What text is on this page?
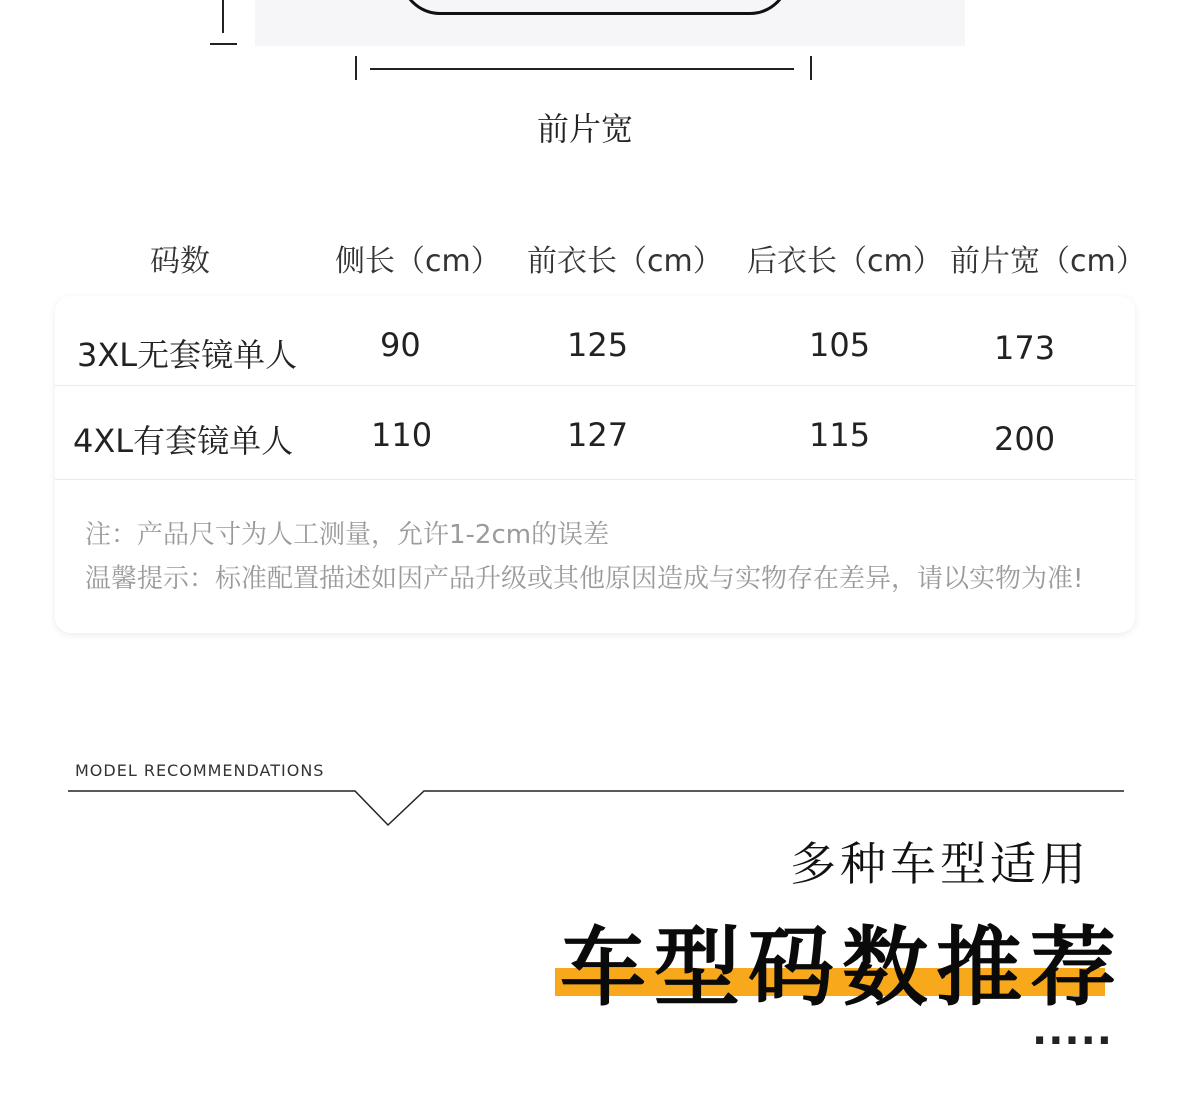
前片宽
码数	侧长（cm） 前衣长（cm） 后衣长（cm） 前片宽（cm）
3XL无套镜单人	90	125	105	173
4XL有套镜单人 110	127	115	200
注：产品尺寸为人工测量，允许1-2cm的误差
温馨提示：标准配置描述如因产品升级或其他原因造成与实物存在差异，请以实物为准!
MODEL RECOMMENDATIONS
多种车型适用
车型码数推荐
·····
